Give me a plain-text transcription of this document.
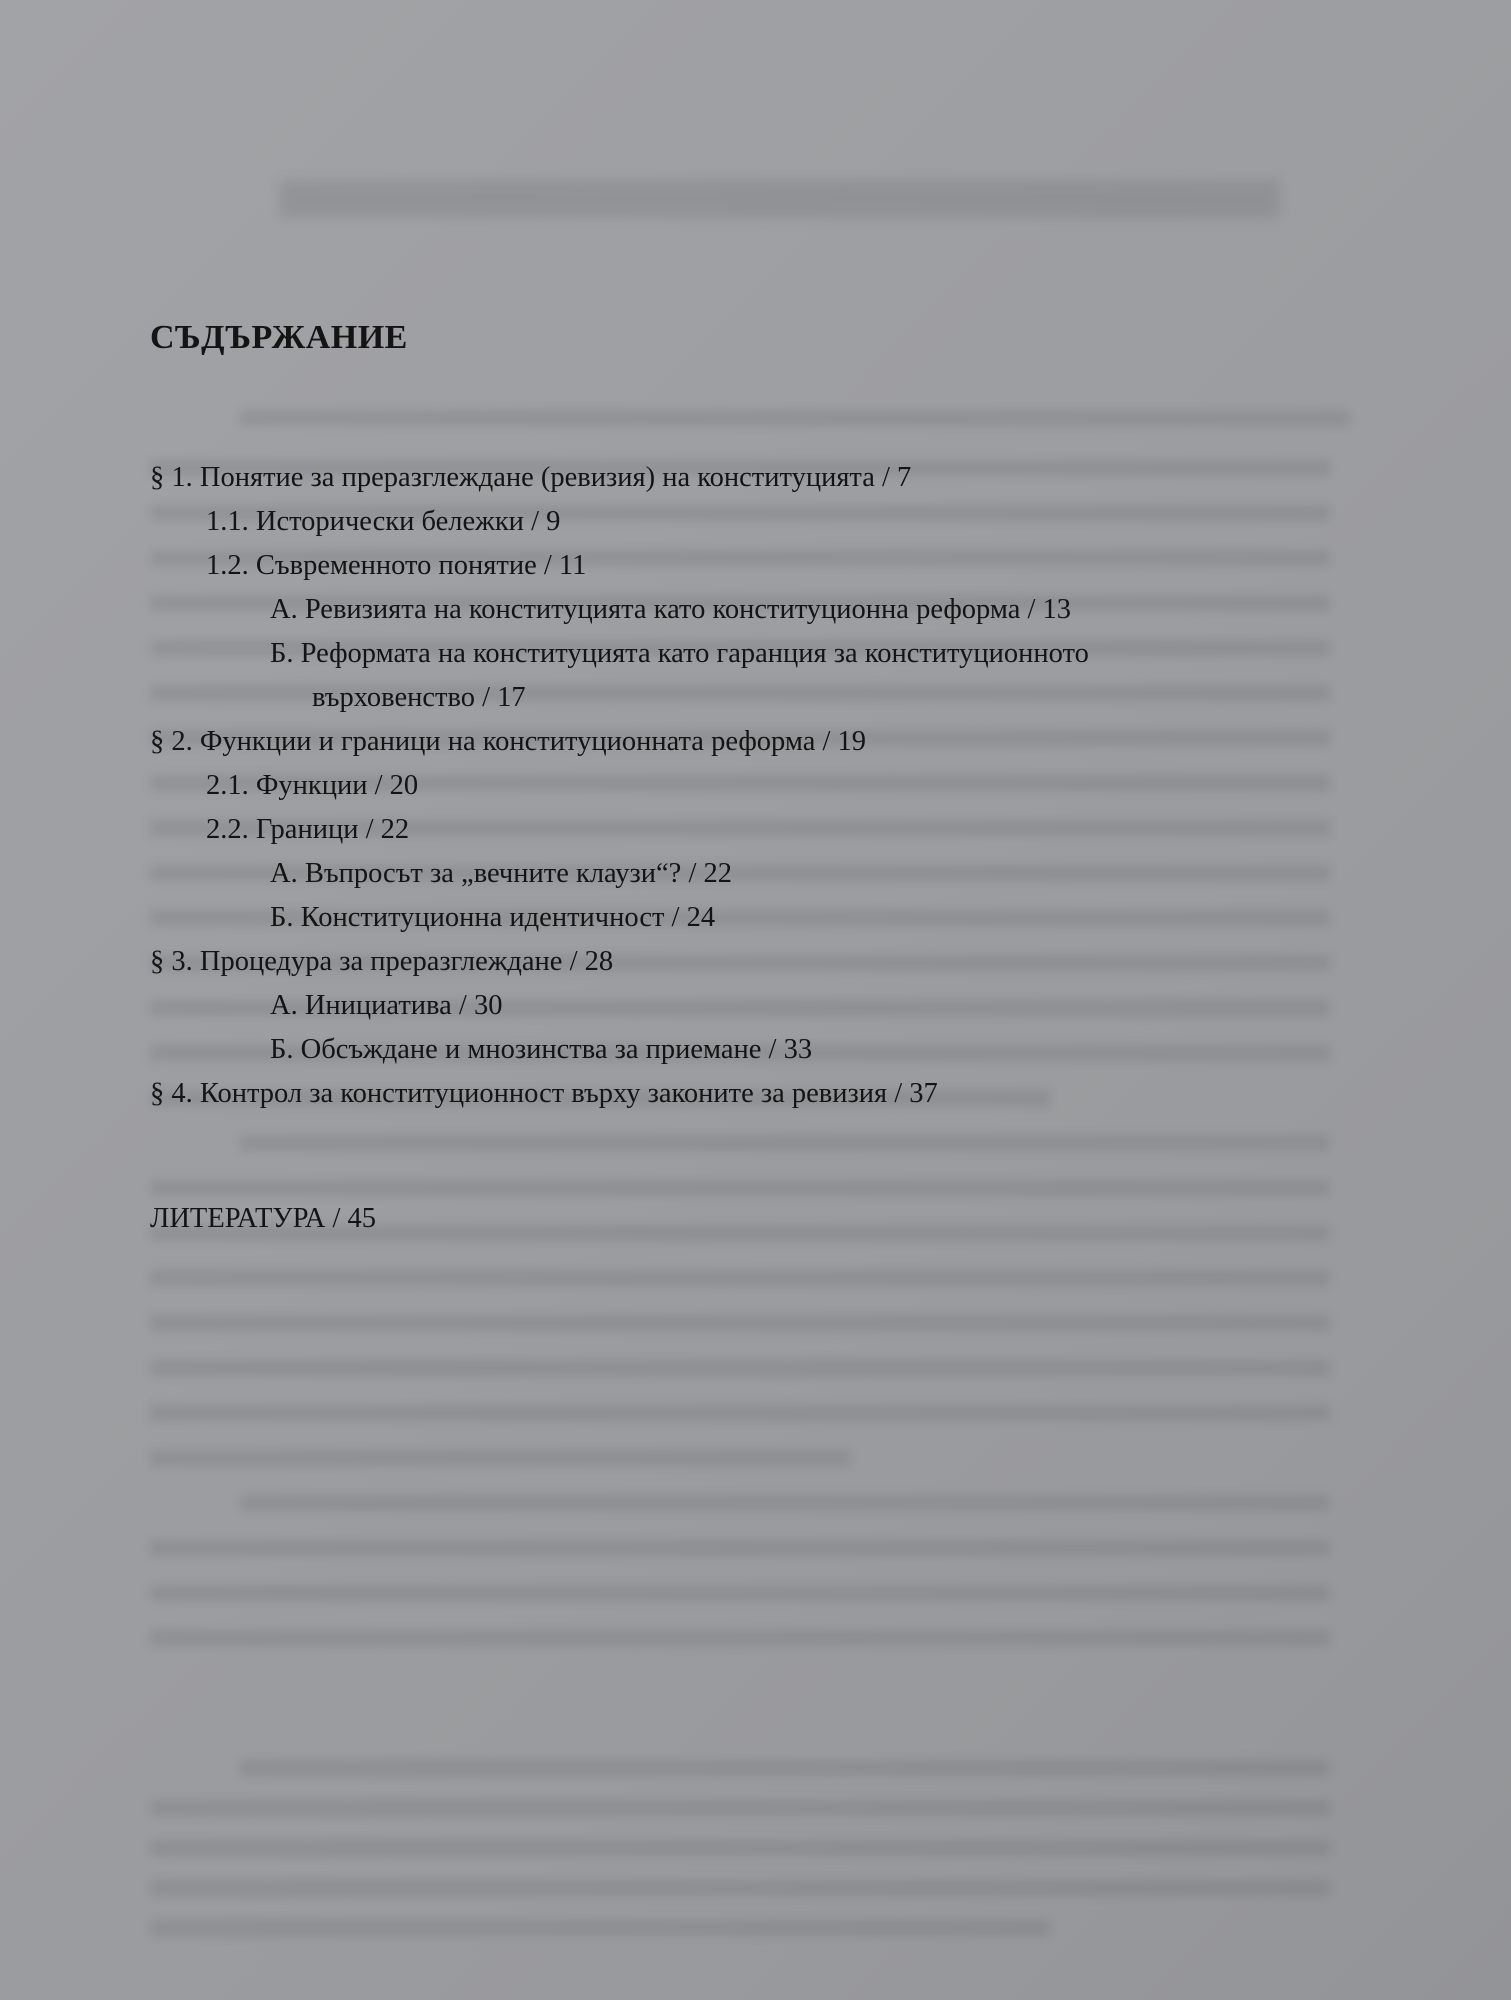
СЪДЪРЖАНИЕ
§ 1. Понятие за преразглеждане (ревизия) на конституцията / 7
1.1. Исторически бележки / 9
1.2. Съвременното понятие / 11
А. Ревизията на конституцията като конституционна реформа / 13
Б. Реформата на конституцията като гаранция за конституционното
върховенство / 17
§ 2. Функции и граници на конституционната реформа / 19
2.1. Функции / 20
2.2. Граници / 22
А. Въпросът за „вечните клаузи“? / 22
Б. Конституционна идентичност / 24
§ 3. Процедура за преразглеждане / 28
А. Инициатива / 30
Б. Обсъждане и мнозинства за приемане / 33
§ 4. Контрол за конституционност върху законите за ревизия / 37
ЛИТЕРАТУРА / 45
